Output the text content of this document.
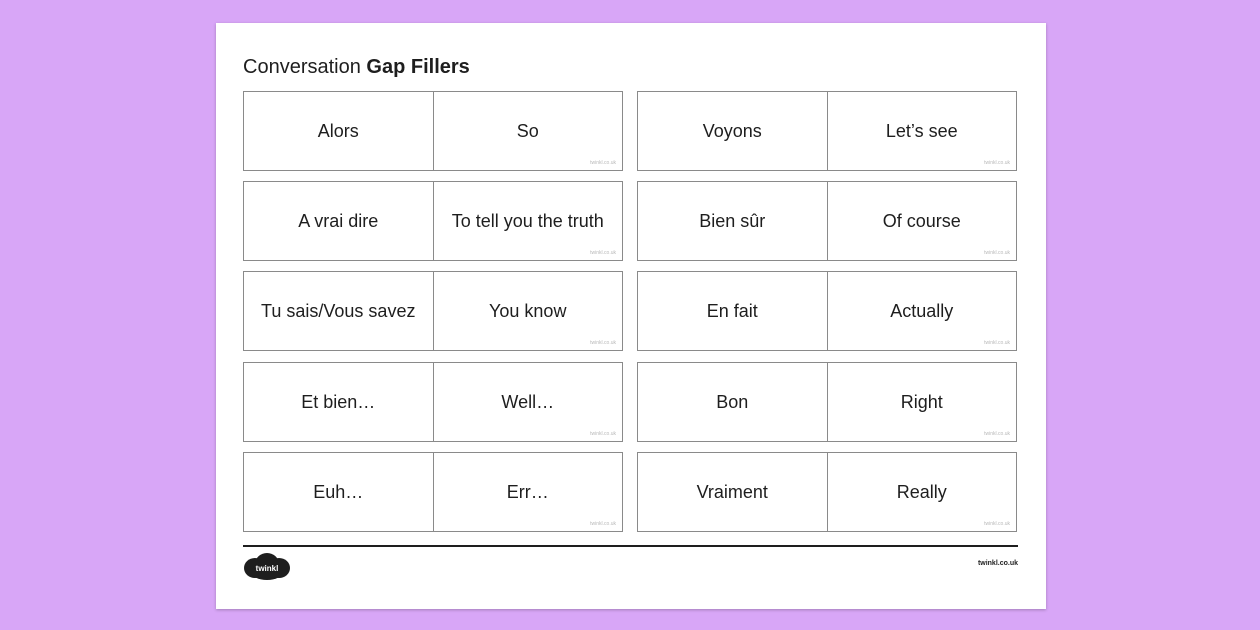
Conversation Gap Fillers
Alors	So
twinkl.co.uk
Voyons	Let’s see
twinkl.co.uk
A vrai dire	To tell you the truth
twinkl.co.uk
Bien sûr	Of course
twinkl.co.uk
Tu sais/Vous savez	You know
twinkl.co.uk
En fait	Actually
twinkl.co.uk
Et bien…	Well…
twinkl.co.uk
Bon	Right
twinkl.co.uk
Euh…	Err…
twinkl.co.uk
Vraiment	Really
twinkl.co.uk
twinkl
twinkl.co.uk
